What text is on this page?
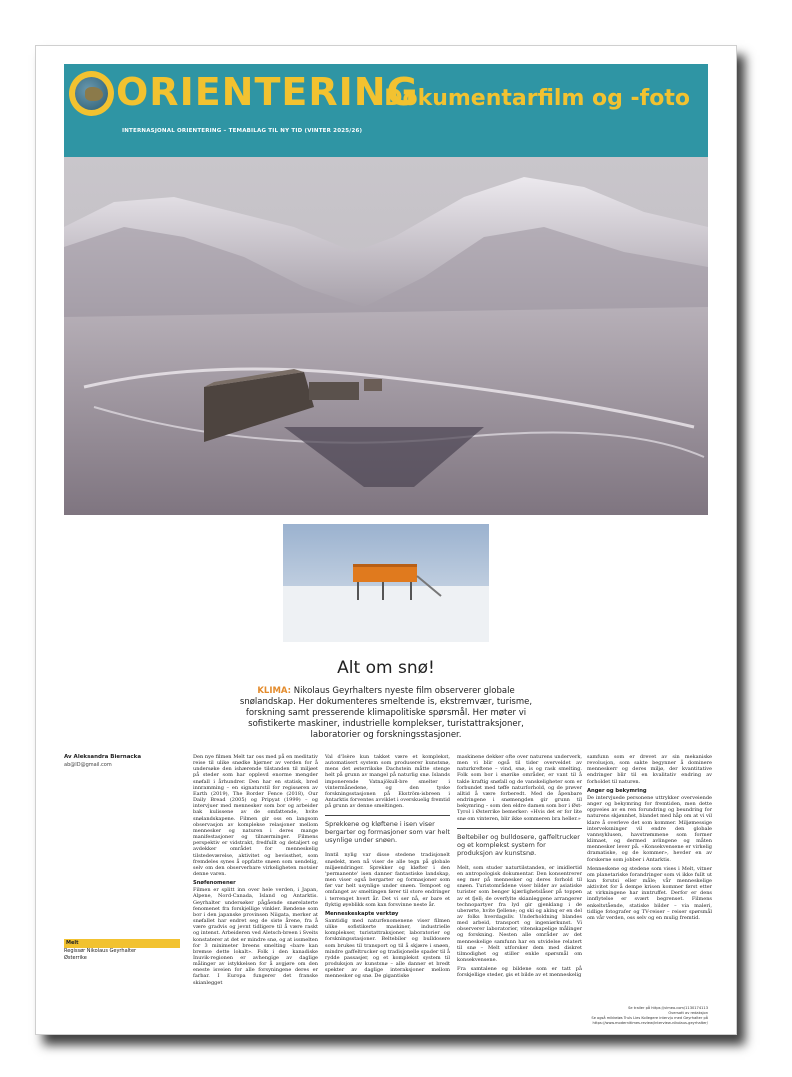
ORIENTERING
INTERNASJONAL ORIENTERING – TEMABILAG TIL NY TID (VINTER 2025/26)
Dokumentarfilm og -foto
Alt om snø!
KLIMA: Nikolaus Geyrhalters nyeste film observerer globale snølandskap. Her dokumenteres smeltende is, ekstremvær, turisme, forskning samt presserende klimapolitiske spørsmål. Her møter vi sofistikerte maskiner, industrielle komplekser, turistattraksjoner, laboratorier og forskningsstasjoner.
Av Aleksandra Biernacka
ab@ID@gmail.com
Melt
Regissør Nikolaus Geyrhalter
Østerrike

Den nye filmen Melt tar oss med på en meditativ reise til ulike snødke hjørner av verden for å undersøke den ishærende tilstanden til miljøet på steder som har opplevd enorme mengder snøfall i århundrer. Den har en statisk, bred innramming – en signaturstil for regissøren av Earth (2019), The Border Fence (2018), Our Daily Bread (2005) og Pripyat (1999) – og intervjuer med mennesker som bor og arbeider bak kulissene av de omfattende, hvite snølandskapene. Filmen gir oss en langsom observasjon av komplekse relasjoner mellom mennesker og naturen i deres mange manifestasjoner og tilnærminger. Filmens perspektiv er vidstrakt, fredfullt og detaljert og avdekker området for menneskelig tilstedeværelse, aktivitet og bevissthet, som fremdeles synes å oppfatte snøen som uendelig, selv om den observerbare virkeligheten motsier denne varen.

Snøfenomener

Filmen er splitt inn over hele verden, i Japan, Alpene, Nord-Canada, Island og Antarktis. Geyrhalter undersøker pågående snørelaterte fenomenet fra forskjellige vinkler. Bøndene som bor i den japanske provinsen Niigata, merker at snøfallet har endret seg de siste årene, fra å være gradvis og jevnt tidligere til å være raskt og intenst. Arbeideren ved Aletsch-breen i Sveits konstaterer at det er mindre snø, og at issmelten for 3 minimeter breens smelting «bare kan bremse dette lokalt». Folk i den kanadiske Inuvik-regionen er avhengige av daglige målinger av istykkelsen for å avgjøre om den eneste isveien for alle forsyningene deres er farbar. I Europa fungerer det franske skianlegget

Val d'Isère kun takket være et komplekst, automatisert system som produserer kunstsnø, mens det østerrikske Dachstein måtte stenge helt på grunn av mangel på naturlig snø. Islands imponerende Vatnajökull-bre smelter i vintermånedene, og den tyske forskningsstasjonen på Ekström-isbreen i Antarktis forventes avviklet i overskuelig fremtid på grunn av denne smeltingen.

Sprekkene og kløftene i isen viser bergarter og formasjoner som var helt usynlige under snøen.

Inntil nylig var disse stedene tradisjonelt snødekt, men nå viser de alle tegn på globale miljøendringer. Sprekker og kløfter i den 'permanente' isen danner fantastiske landskap, men viser også bergarter og formasjoner som før var helt usynlige under snøen. Tempoet og omfanget av smeltingen fører til store endringer i terrenget hvert år. Det vi ser nå, er bare et flyktig øyeblikk som kan forsvinne neste år.

Menneskeskapte verktøy

Samtidig med naturfenomenene viser filmen ulike sofistikerte maskiner, industrielle komplekser, turistattraksjoner, laboratorier og forskningsstasjoner. Beltebiler og bulldosere som brukes til transport og til å skjære i snøen, mindre gaffeltrucker og tradisjonelle spader til å rydde passasjer, og et komplekst system til produksjon av kunstsnø – alle danner et bredt spekter av daglige interaksjoner mellom mennesker og snø. De gigantiske

maskinene dekker ofte over naturens underverk, men vi blir også til tider overveldet av naturkreftene – vind, snø, is og rask smelting. Folk som bor i snørike områder, er vant til å takle kraftig snøfall og de vanskeligheter som er forbundet med tøffe naturforhold, og de prøver alltid å være forberedt. Med de åpenbare endringene i snømengden gir grunn til bekymring – som den eldre damen som bor i Øst-Tyrol i Østerrike bemerker: «Hvis det er for lite snø om vinteren, blir ikke sommeren bra heller.»

Beltebiler og bulldosere, gaffeltrucker og et komplekst system for produksjon av kunstsnø.

Melt, som studer naturtilstanden, er imidlertid en antropologisk dokumentar. Den konsentrerer seg mer på mennesker og deres forhold til snøen. Turistområdene viser bilder av asiatiske turister som benger kjærlighetslåser på toppen av et fjell; de overfylte skianleggene arrangerer technopartyer fra lyd gir gjenklang i de uberørte, hvite fjellene; og ski og akinq er en del av folks hverdagsliv. Underholdning blandes med arbeid, transport og ingeniørkunst. Vi observerer laboratorier, vitenskapelige målinger og forskning. Nesten alle områder av det menneskelige samfunn har en utvidelse relatert til snø – Melt utforsker dem med diskret tilmodighet og stiller enkle spørsmål om konsekvensene.

Fra samtalene og bildene som er tatt på forskjellige steder, gis et bilde av et menneskelig

samfunn som er drevet av sin mekaniske revolusjon, som sakte begynner å dominere menneskerr og deres miljø, der kvantitative endringer blir til en kvalitativ endring av forholdet til naturen.

Anger og bekymring

De intervjuede personene uttrykker overveiende anger og bekymring for fremtiden, men dette oppveies av en ren forundring og beundring for naturens skjønnhet, blandet med håp om at vi vil klare å overleve det som kommer. Miljømessige interveksninger vil endre den globale vannsyklusen, havstrømmene som former klimaet, og dermed avlingene og måten mennesker lever på. «Konsekvensene er virkelig dramatiske, og de kommer», hevder en av forskerne som jobber i Antarktis.

Menneskene og stedene som vises i Melt, vitner om planetariske forandringer som vi ikke fullt ut kan forutsi eller måle; vår menneskelige aktivitet for å dempe krisen kommer først etter at virkningene har inntruffet. Derfor er dens innflytelse er svært begrenset. Filmens enkeltstående, statiske bilder – via maleri, tidlige fotografer og TV-reiser – reiser spørsmål om vår verden, oss selv og en mulig fremtid.

Se trailer på https://vimeo.com/1130174113
Oversatt av redaksjon
Se også mikkeløs Truls Lies Kollegere intervju med Geyrhalter på
https://www.modernitimes.review/interview-nikolaus-geyrhalter/
